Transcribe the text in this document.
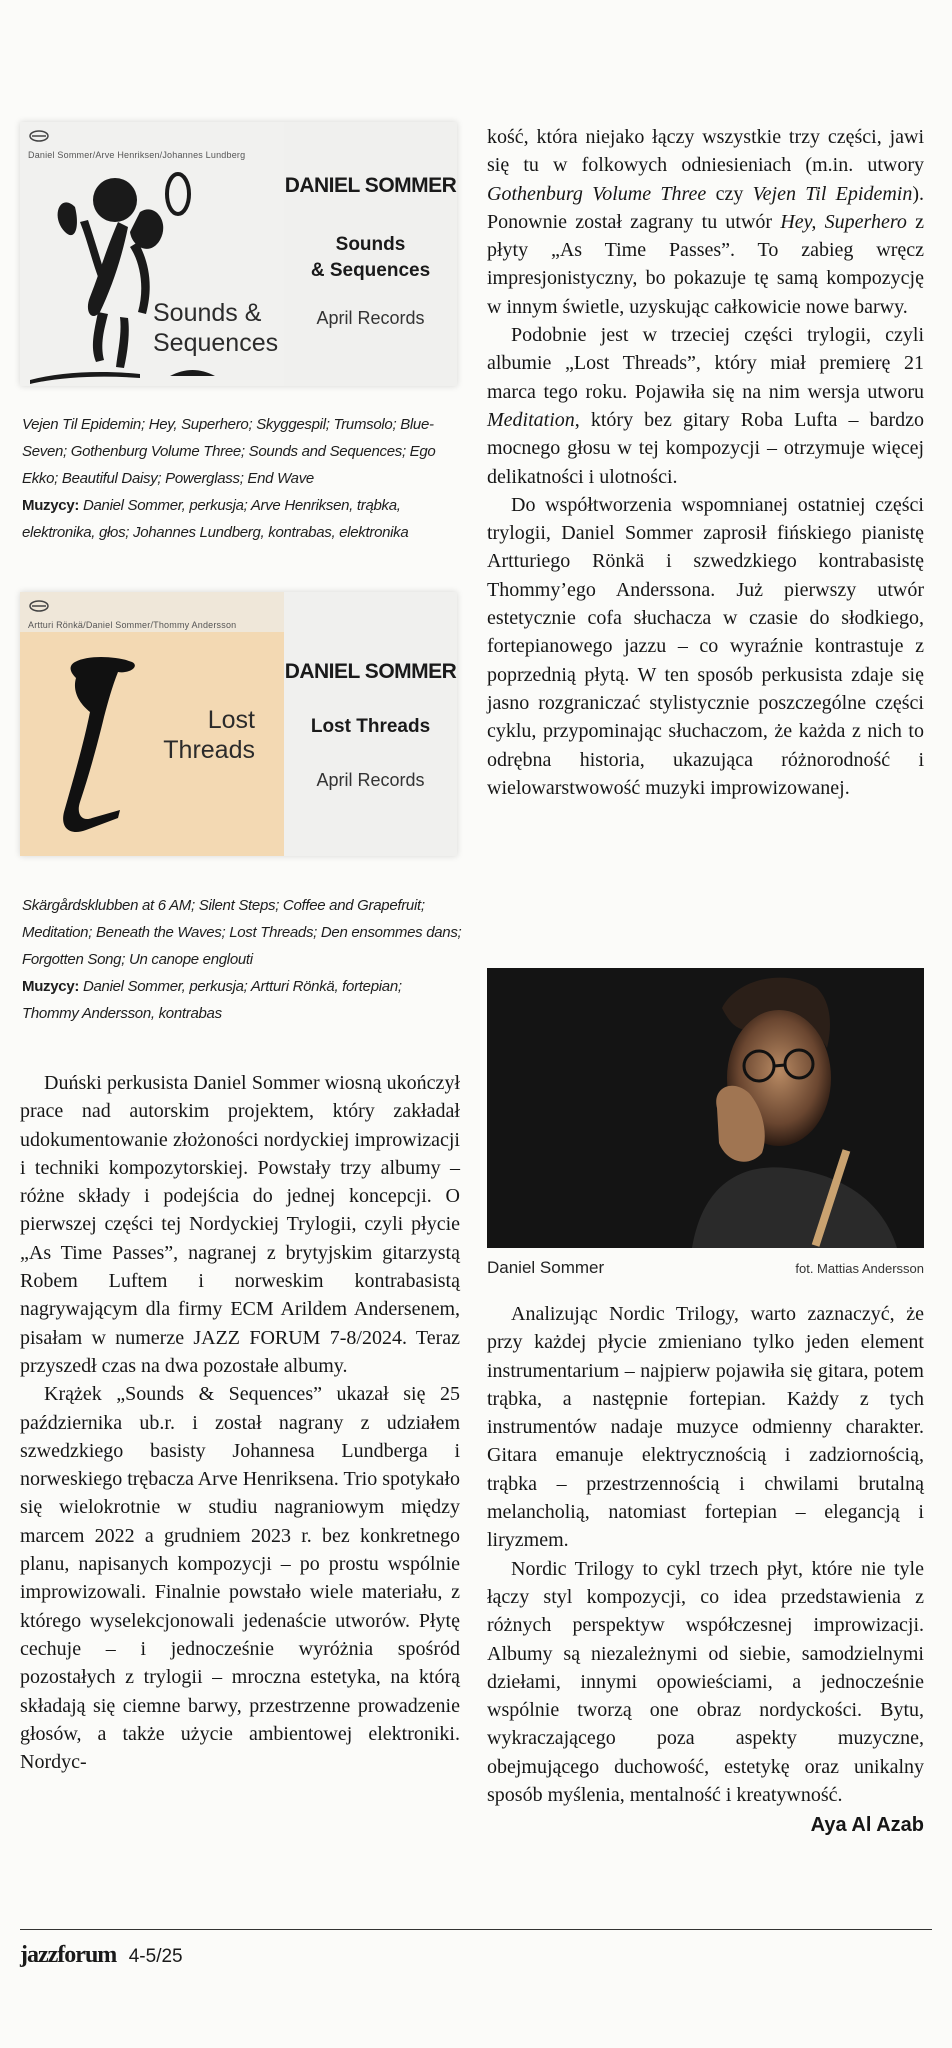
Daniel Sommer/Arve Henriksen/Johannes Lundberg
Sounds &
Sequences
DANIEL SOMMER
Sounds
& Sequences
April Records
Vejen Til Epidemin; Hey, Superhero; Skyggespil; Trumsolo; Blue-Seven; Gothenburg Volume Three; Sounds and Sequences; Ego Ekko; Beautiful Daisy; Powerglass; End Wave
Muzycy: Daniel Sommer, perkusja; Arve Henriksen, trąbka, elektronika, głos; Johannes Lundberg, kontrabas, elektronika
Artturi Rönkä/Daniel Sommer/Thommy Andersson
Lost
Threads
DANIEL SOMMER
Lost Threads
April Records
Skärgårdsklubben at 6 AM; Silent Steps; Coffee and Grapefruit; Meditation; Beneath the Waves; Lost Threads; Den ensommes dans; Forgotten Song; Un canope englouti
Muzycy: Daniel Sommer, perkusja; Artturi Rönkä, fortepian; Thommy Andersson, kontrabas

Duński perkusista Daniel Sommer wiosną ukończył prace nad autorskim projektem, który zakładał udokumentowanie złożoności nordyckiej improwizacji i techniki kompozytorskiej. Powstały trzy albumy – różne składy i podejścia do jednej koncepcji. O pierwszej części tej Nordyckiej Trylogii, czyli płycie „As Time Passes”, nagranej z brytyjskim gitarzystą Robem Luftem i norweskim kontrabasistą nagrywającym dla firmy ECM Arildem Andersenem, pisałam w numerze JAZZ FORUM 7-8/2024. Teraz przyszedł czas na dwa pozostałe albumy.

Krążek „Sounds & Sequences” ukazał się 25 października ub.r. i został nagrany z udziałem szwedzkiego basisty Johannesa Lundberga i norweskiego trębacza Arve Henriksena. Trio spotykało się wielokrotnie w studiu nagraniowym między marcem 2022 a grudniem 2023 r. bez konkretnego planu, napisanych kompozycji – po prostu wspólnie improwizowali. Finalnie powstało wiele materiału, z którego wyselekcjonowali jedenaście utworów. Płytę cechuje – i jednocześnie wyróżnia spośród pozostałych z trylogii – mroczna estetyka, na którą składają się ciemne barwy, przestrzenne prowadzenie głosów, a także użycie ambientowej elektroniki. Nordyc-

kość, która niejako łączy wszystkie trzy części, jawi się tu w folkowych odniesieniach (m.in. utwory Gothenburg Volume Three czy Vejen Til Epidemin). Ponownie został zagrany tu utwór Hey, Superhero z płyty „As Time Passes”. To zabieg wręcz impresjonistyczny, bo pokazuje tę samą kompozycję w innym świetle, uzyskując całkowicie nowe barwy.

Podobnie jest w trzeciej części trylogii, czyli albumie „Lost Threads”, który miał premierę 21 marca tego roku. Pojawiła się na nim wersja utworu Meditation, który bez gitary Roba Lufta – bardzo mocnego głosu w tej kompozycji – otrzymuje więcej delikatności i ulotności.

Do współtworzenia wspomnianej ostatniej części trylogii, Daniel Sommer zaprosił fińskiego pianistę Artturiego Rönkä i szwedzkiego kontrabasistę Thommy’ego Anderssona. Już pierwszy utwór estetycznie cofa słuchacza w czasie do słodkiego, fortepianowego jazzu – co wyraźnie kontrastuje z poprzednią płytą. W ten sposób perkusista zdaje się jasno rozgraniczać stylistycznie poszczególne części cyklu, przypominając słuchaczom, że każda z nich to odrębna historia, ukazująca różnorodność i wielowarstwowość muzyki improwizowanej.

Daniel Sommer	fot. Mattias Andersson

Analizując Nordic Trilogy, warto zaznaczyć, że przy każdej płycie zmieniano tylko jeden element instrumentarium – najpierw pojawiła się gitara, potem trąbka, a następnie fortepian. Każdy z tych instrumentów nadaje muzyce odmienny charakter. Gitara emanuje elektrycznością i zadziornością, trąbka – przestrzennością i chwilami brutalną melancholią, natomiast fortepian – elegancją i liryzmem.

Nordic Trilogy to cykl trzech płyt, które nie tyle łączy styl kompozycji, co idea przedstawienia z różnych perspektyw współczesnej improwizacji. Albumy są niezależnymi od siebie, samodzielnymi dziełami, innymi opowieściami, a jednocześnie wspólnie tworzą one obraz nordyckości. Bytu, wykraczającego poza aspekty muzyczne, obejmującego duchowość, estetykę oraz unikalny sposób myślenia, mentalność i kreatywność.

Aya Al Azab
jazzforum 4-5/25
